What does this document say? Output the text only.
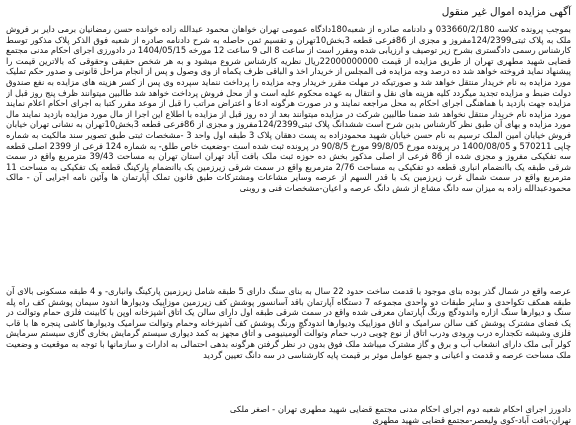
آگهی مزایده اموال غیر منقول

بموجب پرونده کلاسه 033660/2/180 و دادنامه صادره از شعبه180دادگاه عمومی تهران خواهان محمود عبدالله زاده خوانده حسن رمضانیان برمی دایر بر فروش ملک به پلاک ثبتی124/2399مفروز و مجزی از 86فرعی قطعه 3بخش10تهران و تقسیم ثمن حاصله به شرح دادنامه صادره از شعبه فوق الذکر پلاک مذکور توسط کارشناس رسمی دادگستری بشرح زیر توصیف و ارزیابی شده ومقرر است از ساعت 8 الی 9 ساعت 12 مورخه 1404/05/15 در دادورزی اجرای احکام مدنی مجتمع قضایی شهید مطهری تهران از طریق مزایده از قیمت 22000000000ریال نظریه کارشناس شروع میشود و به هر شخص حقیقی وحقوقی که بالاترین قیمت را پیشنهاد نماید فروخته خواهد شد ده درصد وجه مزایده فی المجلس از خریدار اخذ و الباقی ظرف یکماه از وی وصول و پس از انجام مراحل قانونی و صدور حکم تملیک مورد مزایده به نام خریدار منتقل خواهد شد و صورتیکه در مهلت مقرر خریدار وجه مزایده را پرداخت ننماید سپرده وی پس از کسر هزینه های مزایده به نفع صندوق دولت ضبط و مزایده تجدید میگردد کلیه هزینه های نقل و انتقال به عهده محکوم علیه است و از محل فروش پرداخت خواهد شد طالبین میتوانند ظرف پنج روز قبل از مزایده جهت بازدید با هماهنگی اجرای احکام به محل مراجعه نمایند و در صورت هرگونه ادعا و اعتراض مراتب را قبل از موعد مقرر کتبا به اجرای احکام اعلام نمایند مورد مزایده نام خریدار منتقل نخواهد شد ضمنا طالبین شرکت در مزایده میتوانند بعد از ده روز قبل از مزایده با اطلاع این اجرا از مال مورد مزایده بازدید نمایند مال مورد مزایده و بهای آن طبق نظر کارشناس بدین شرح است ششدانگ پلاک ثبتی124/2399مفروز و مجزی از 86فرعی قطعه 3بخش10تهران به نشانی تهران خیابان فروش خیابان امین الملک ترسیم به نام حسن خیابان شهید محمودزاده به پست دهقان پلاک 3 طبقه اول واحد 3 -مشخصات ثبتی طبق تصویر سند مالکیت به شماره چاپی 570211 و 1400/08/05 در پرونده مورخ 99/8/05 مورخ 90/8/5 در پرونده ثبت شده است -وضعیت خاص طلق- به شماره 124 فرعی از 2399 اصلی قطعه سه تفکیکی مفروز و مجزی شده از 86 فرعی از اصلی مذکور بخش ده حوزه ثبت ملک بافت آباد تهران استان تهران به مساحت 39/43 مترمربع واقع در سمت شرقی طبقه یک باانضمام انباری قطعه دو تفکیکی به مساحت 2/76 مترمربع واقع در سمت شرقی زیرزمین یک باانضمام پارکینگ قطعه یک تفکیکی به مساحت 11 مترمربع واقع در سمت شمال غرب زیرزمین یک با قدر السهم از عرصه وسایر مشاعات ومشترکات طبق قانون تملک آپارتمان ها وآئین نامه اجرایی آن - مالک محمودعبدالله زاده به میزان سه دانگ مشاع از شش دانگ عرصه و اعیان-مشخصات فنی و روبنی

عرصه واقع در شمال گذر بوده بنای موجود با قدمت ساخت حدود 22 سال به بنای سنگ دارای 5 طبقه شامل زیرزمین پارکینگ وانباری- و 4 طبقه مسکونی بالای آن طبقه همکف تکواحدی و سایر طبقات دو واحدی مجموعه 7 دستگاه آپارتمان باقد آسانسور پوشش کف زیرزمین موزاییک ودیوارها اندود سیمان پوشش کف راه پله سنگ و دیوارها سنگ ازاره واندودگچ ورنگ آپارتمان معرفی شده واقع در سمت شرقی طبقه اول دارای سالن یک اتاق آشپزخانه اوپن با کابینت فلزی حمام وتوالت در یک فضای مشترک پوشش کف سالن سرامیک و اتاق موزاییک ودیوارها اندودگچ ورنگ پوشش کف آشپزخانه وحمام وتوالت سرامیک ودیوارها کاشی پنجره ها با قاب فلزی وشیشه تکجداره درب ورودی ودرب اتاق از نوع چوبی درب حمام وتوالت آلومینیومی و اتاق مجهز به کمد دیواری سیستم گرمایش بخاری گازی سیستم سرمایش کولر آبی ملک دارای انشعاب آب و برق و گاز مشترک میباشد ملک فوق بدون در نظر گرفتن هرگونه بدهی احتمالی به ادارات و سازمانها با توجه به موقعیت و وضعیت ملک مساحت عرصه و قدمت و اعیانی و جمیع عوامل موثر بر قیمت پایه کارشناسی در سه دانگ تعیین گردید

دادورز اجرای احکام شعبه دوم اجرای احکام مدنی مجتمع قضایی شهید مطهری تهران - اصغر ملکی

تهران-بافت آباد-کوی ولیعصر-مجتمع قضایی شهید مطهری
